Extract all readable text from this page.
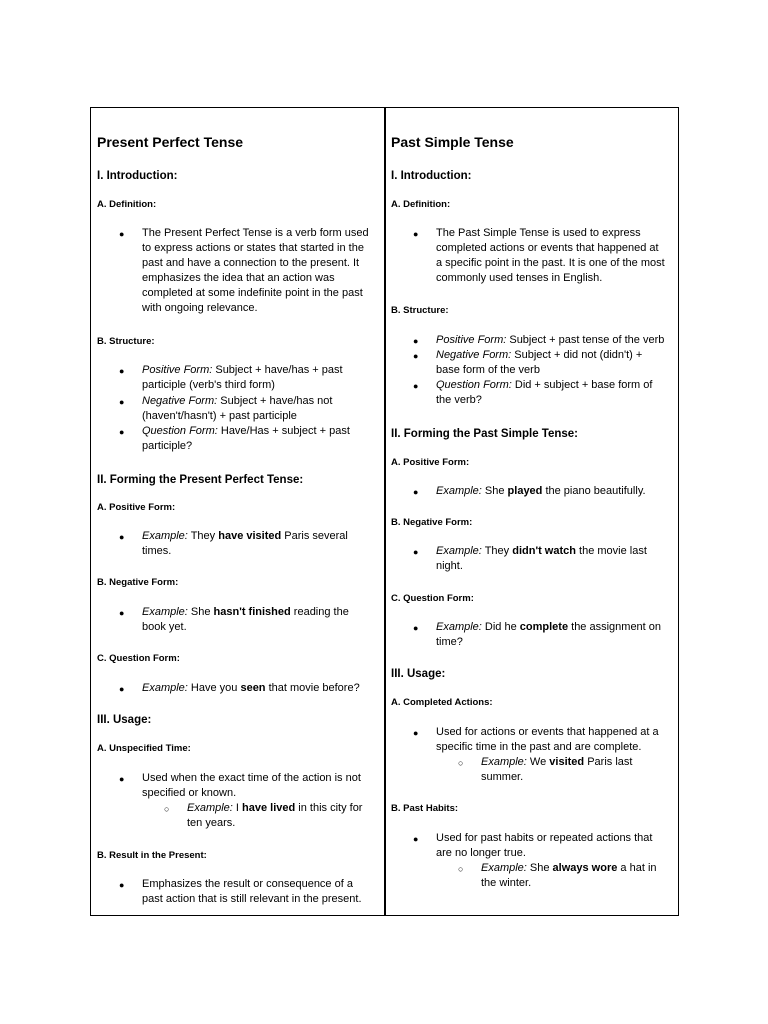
Present Perfect Tense
I. Introduction:
A. Definition:
● The Present Perfect Tense is a verb form used
to express actions or states that started in the
past and have a connection to the present. It
emphasizes the idea that an action was
completed at some indefinite point in the past
with ongoing relevance.
B. Structure:
● Positive Form: Subject + have/has + past
participle (verb's third form)
● Negative Form: Subject + have/has not
(haven't/hasn't) + past participle
● Question Form: Have/Has + subject + past
participle?
II. Forming the Present Perfect Tense:
A. Positive Form:
● Example: They have visited Paris several
times.
B. Negative Form:
● Example: She hasn't finished reading the
book yet.
C. Question Form:
● Example: Have you seen that movie before?
III. Usage:
A. Unspecified Time:
● Used when the exact time of the action is not
specified or known.
○ Example: I have lived in this city for
ten years.
B. Result in the Present:
● Emphasizes the result or consequence of a
past action that is still relevant in the present.
Past Simple Tense
I. Introduction:
A. Definition:
● The Past Simple Tense is used to express
completed actions or events that happened at
a specific point in the past. It is one of the most
commonly used tenses in English.
B. Structure:
● Positive Form: Subject + past tense of the verb
● Negative Form: Subject + did not (didn't) +
base form of the verb
● Question Form: Did + subject + base form of
the verb?
II. Forming the Past Simple Tense:
A. Positive Form:
● Example: She played the piano beautifully.
B. Negative Form:
● Example: They didn't watch the movie last
night.
C. Question Form:
● Example: Did he complete the assignment on
time?
III. Usage:
A. Completed Actions:
● Used for actions or events that happened at a
specific time in the past and are complete.
○ Example: We visited Paris last
summer.
B. Past Habits:
● Used for past habits or repeated actions that
are no longer true.
○ Example: She always wore a hat in
the winter.
